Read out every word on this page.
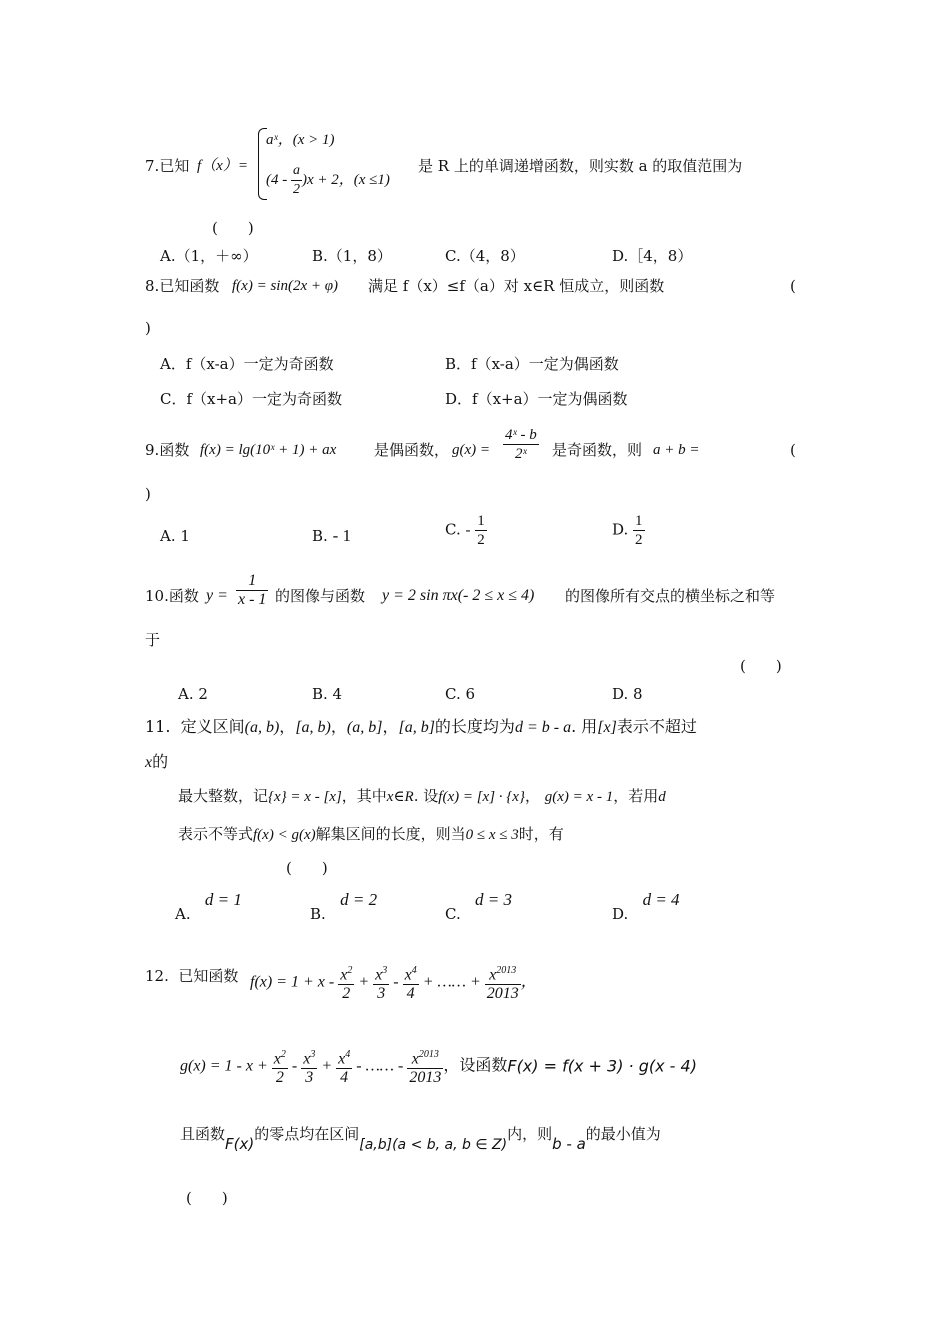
7.已知 f（x）=
aˣ，(x > 1)
$(4 - \frac{a}{2} )x + 2$，(x ≤1)
是 R 上的单调递增函数，则实数 a 的取值范围为
(　　)
A.（1，＋∞）	B.（1，8）	C.（4，8）	D.［4，8）
8.已知函数 f(x) = sin(2x + φ) 满足 f（x）≤f（a）对 x∈R 恒成立，则函数	(
)
A．f（x-a）一定为奇函数	B．f（x-a）一定为偶函数
C．f（x+a）一定为奇函数	D．f（x+a）一定为偶函数
9.函数 f(x) = lg(10ˣ + 1) + ax	是偶函数， $g(x) = \frac{\text{4ˣ - b}}{\text{2ˣ}}$ 是奇函数，则 a + b =	(
)
A. 1	B. - 1	C. - $\frac{1}{2}$	D. $\frac{1}{2}$
10.函数 $y = \frac{1}{x - 1}$ 的图像与函数 y = 2 sin πx(- 2 ≤ x ≤ 4) 的图像所有交点的横坐标之和等
于
(　　)
A. 2	B. 4	C. 6	D. 8
11. 定义区间(a, b)，[a, b)，(a, b]，[a, b]的长度均为d = b - a. 用[x]表示不超过
x的
最大整数，记{x} = x - [x]，其中x∈R. 设f(x) = [x] · {x}， g(x) = x - 1，若用d
表示不等式f(x) < g(x)解集区间的长度，则当0 ≤ x ≤ 3时，有
(　　)
A.   d = 1
B.   d = 2
C.   d = 3
D.   d = 4
12. 已知函数 $f(x) = 1 + x - \frac{x^2}{2} + \frac{x^3}{3} - \frac{x^4}{4}$ + …… + $\frac{x^{2013}}{2013}$ ，
$g(x) = 1 - x + \frac{x^2}{2} - \frac{x^3}{3} + \frac{x^4}{4}$ - …… - $\frac{x^{2013}}{2013}$ ，设函数F(x) = f(x + 3) · g(x - 4)
且函数F(x)的零点均在区间[a,b](a < b, a, b ∈ Z)内，则b - a的最小值为
(　　)
